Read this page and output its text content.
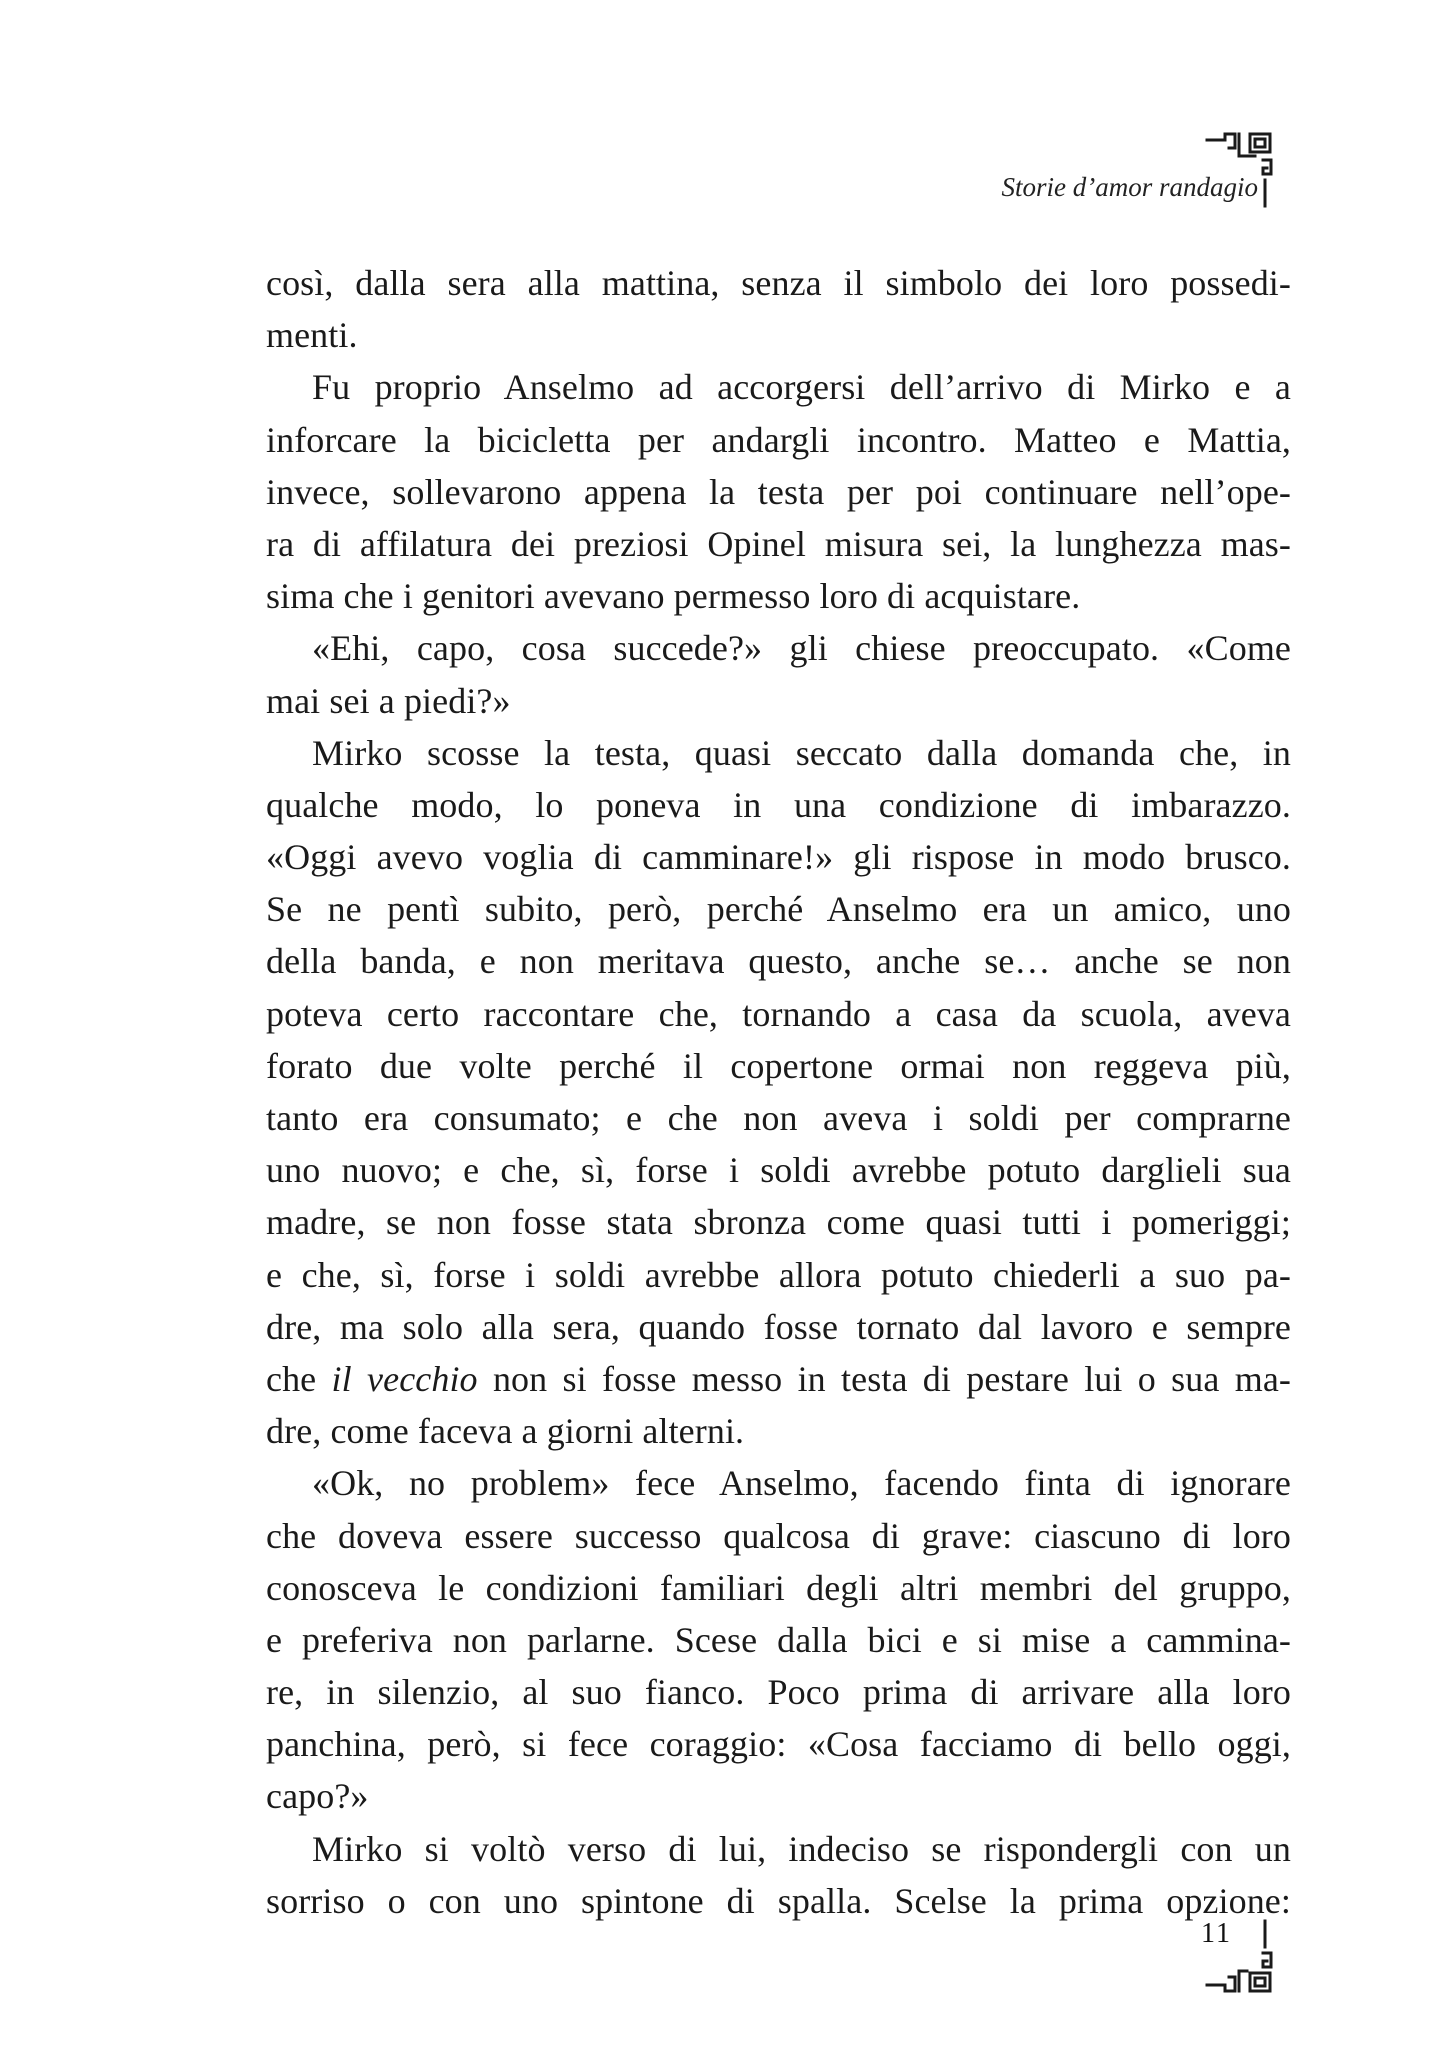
Storie d’amor randagio
così, dalla sera alla mattina, senza il simbolo dei loro possedi-
menti.
Fu proprio Anselmo ad accorgersi dell’arrivo di Mirko e a
inforcare la bicicletta per andargli incontro. Matteo e Mattia,
invece, sollevarono appena la testa per poi continuare nell’ope-
ra di affilatura dei preziosi Opinel misura sei, la lunghezza mas-
sima che i genitori avevano permesso loro di acquistare.
«Ehi, capo, cosa succede?» gli chiese preoccupato. «Come
mai sei a piedi?»
Mirko scosse la testa, quasi seccato dalla domanda che, in
qualche modo, lo poneva in una condizione di imbarazzo.
«Oggi avevo voglia di camminare!» gli rispose in modo brusco.
Se ne pentì subito, però, perché Anselmo era un amico, uno
della banda, e non meritava questo, anche se… anche se non
poteva certo raccontare che, tornando a casa da scuola, aveva
forato due volte perché il copertone ormai non reggeva più,
tanto era consumato; e che non aveva i soldi per comprarne
uno nuovo; e che, sì, forse i soldi avrebbe potuto darglieli sua
madre, se non fosse stata sbronza come quasi tutti i pomeriggi;
e che, sì, forse i soldi avrebbe allora potuto chiederli a suo pa-
dre, ma solo alla sera, quando fosse tornato dal lavoro e sempre
che il vecchio non si fosse messo in testa di pestare lui o sua ma-
dre, come faceva a giorni alterni.
«Ok, no problem» fece Anselmo, facendo finta di ignorare
che doveva essere successo qualcosa di grave: ciascuno di loro
conosceva le condizioni familiari degli altri membri del gruppo,
e preferiva non parlarne. Scese dalla bici e si mise a cammina-
re, in silenzio, al suo fianco. Poco prima di arrivare alla loro
panchina, però, si fece coraggio: «Cosa facciamo di bello oggi,
capo?»
Mirko si voltò verso di lui, indeciso se rispondergli con un
sorriso o con uno spintone di spalla. Scelse la prima opzione:
11
